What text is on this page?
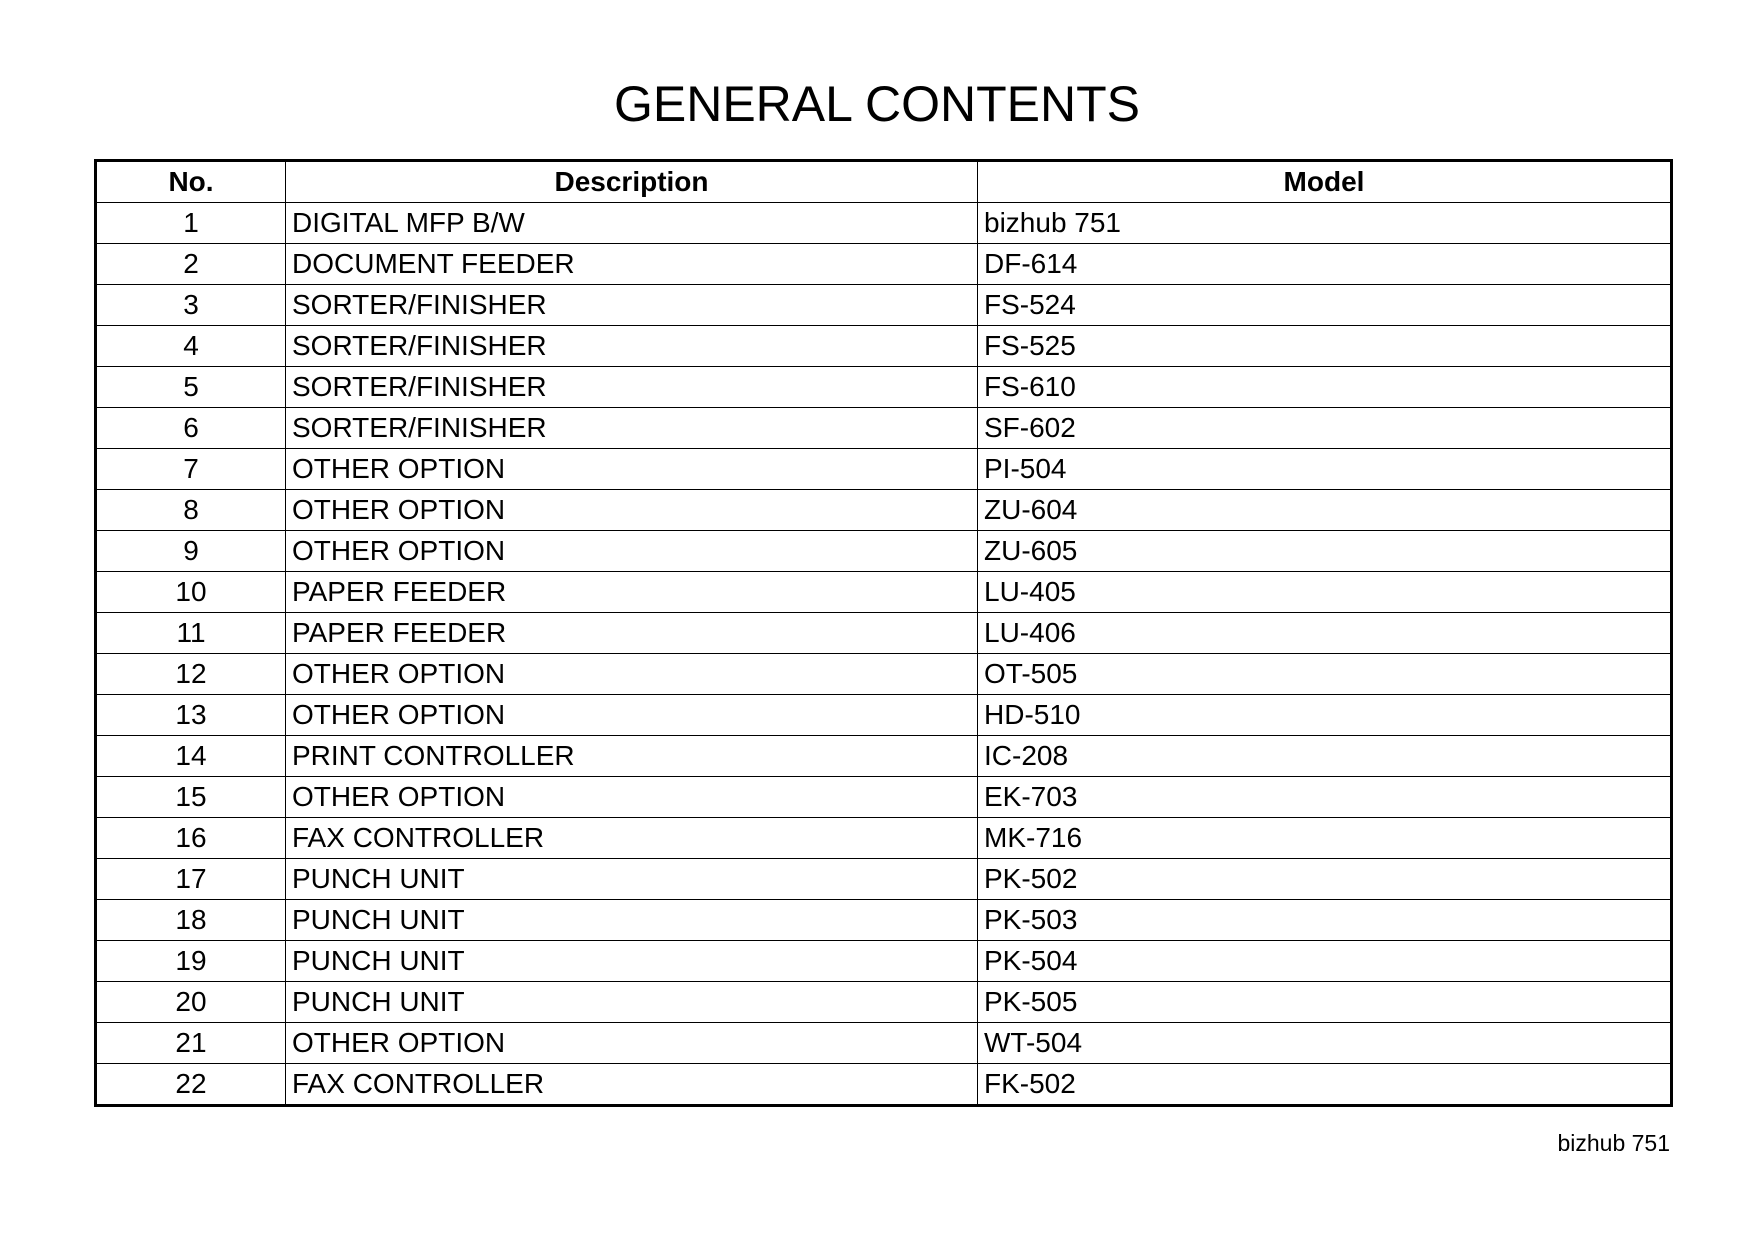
GENERAL CONTENTS
No.	Description	Model
1	DIGITAL MFP B/W	bizhub 751
2	DOCUMENT FEEDER	DF-614
3	SORTER/FINISHER	FS-524
4	SORTER/FINISHER	FS-525
5	SORTER/FINISHER	FS-610
6	SORTER/FINISHER	SF-602
7	OTHER OPTION	PI-504
8	OTHER OPTION	ZU-604
9	OTHER OPTION	ZU-605
10	PAPER FEEDER	LU-405
11	PAPER FEEDER	LU-406
12	OTHER OPTION	OT-505
13	OTHER OPTION	HD-510
14	PRINT CONTROLLER	IC-208
15	OTHER OPTION	EK-703
16	FAX CONTROLLER	MK-716
17	PUNCH UNIT	PK-502
18	PUNCH UNIT	PK-503
19	PUNCH UNIT	PK-504
20	PUNCH UNIT	PK-505
21	OTHER OPTION	WT-504
22	FAX CONTROLLER	FK-502
bizhub 751
